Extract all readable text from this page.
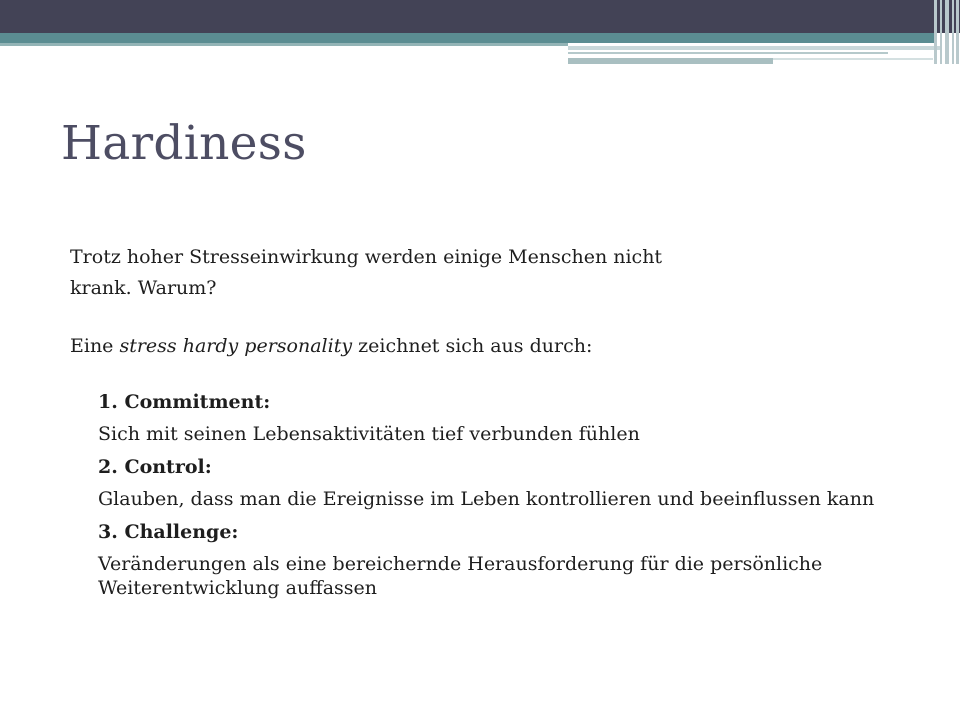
Hardiness

Trotz hoher Stresseinwirkung werden einige Menschen nicht

krank. Warum?

Eine stress hardy personality zeichnet sich aus durch:

1. Commitment:

Sich mit seinen Lebensaktivitäten tief verbunden fühlen

2. Control:

Glauben, dass man die Ereignisse im Leben kontrollieren und beeinflussen kann

3. Challenge:

Veränderungen als eine bereichernde Herausforderung für die persönliche Weiterentwicklung auffassen
